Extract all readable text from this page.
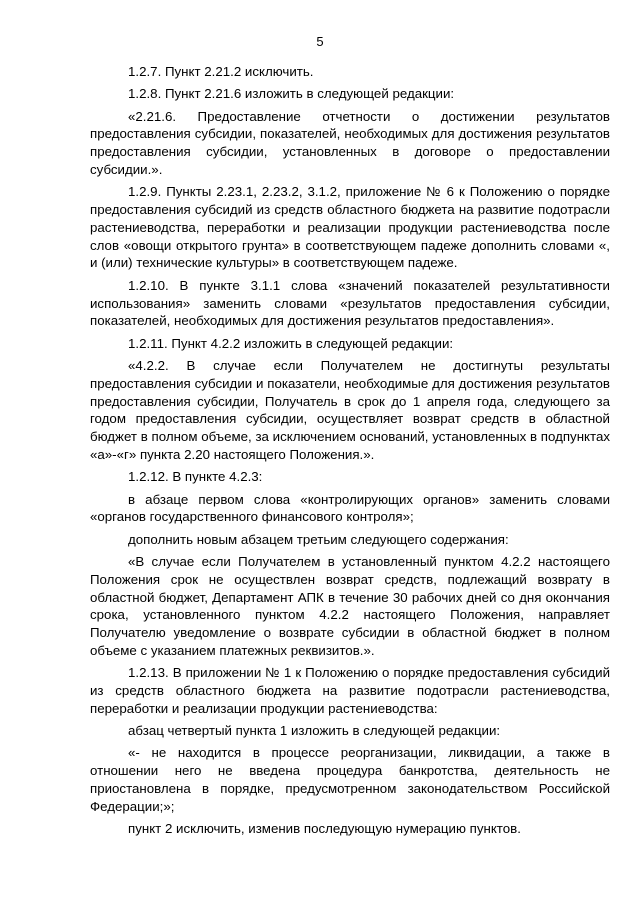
5

1.2.7. Пункт 2.21.2 исключить.

1.2.8. Пункт 2.21.6 изложить в следующей редакции:

«2.21.6. Предоставление отчетности о достижении результатов предоставления субсидии, показателей, необходимых для достижения результатов предоставления субсидии, установленных в договоре о предоставлении субсидии.».

1.2.9. Пункты 2.23.1, 2.23.2, 3.1.2, приложение № 6 к Положению о порядке предоставления субсидий из средств областного бюджета на развитие подотрасли растениеводства, переработки и реализации продукции растениеводства после слов «овощи открытого грунта» в соответствующем падеже дополнить словами «, и (или) технические культуры» в соответствующем падеже.

1.2.10. В пункте 3.1.1 слова «значений показателей результативности использования» заменить словами «результатов предоставления субсидии, показателей, необходимых для достижения результатов предоставления».

1.2.11. Пункт 4.2.2 изложить в следующей редакции:

«4.2.2. В случае если Получателем не достигнуты результаты предоставления субсидии и показатели, необходимые для достижения результатов предоставления субсидии, Получатель в срок до 1 апреля года, следующего за годом предоставления субсидии, осуществляет возврат средств в областной бюджет в полном объеме, за исключением оснований, установленных в подпунктах «а»-«г» пункта 2.20 настоящего Положения.».

1.2.12. В пункте 4.2.3:

в абзаце первом слова «контролирующих органов» заменить словами «органов государственного финансового контроля»;

дополнить новым абзацем третьим следующего содержания:

«В случае если Получателем в установленный пунктом 4.2.2 настоящего Положения срок не осуществлен возврат средств, подлежащий возврату в областной бюджет, Департамент АПК в течение 30 рабочих дней со дня окончания срока, установленного пунктом 4.2.2 настоящего Положения, направляет Получателю уведомление о возврате субсидии в областной бюджет в полном объеме с указанием платежных реквизитов.».

1.2.13. В приложении № 1 к Положению о порядке предоставления субсидий из средств областного бюджета на развитие подотрасли растениеводства, переработки и реализации продукции растениеводства:

абзац четвертый пункта 1 изложить в следующей редакции:

«- не находится в процессе реорганизации, ликвидации, а также в отношении него не введена процедура банкротства, деятельность не приостановлена в порядке, предусмотренном законодательством Российской Федерации;»;

пункт 2 исключить, изменив последующую нумерацию пунктов.
